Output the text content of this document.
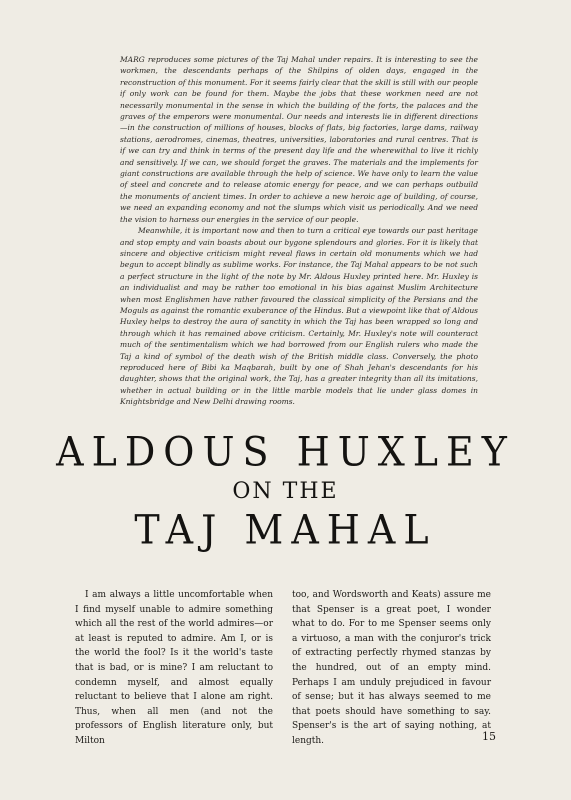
MARG reproduces some pictures of the Taj Mahal under repairs. It is interesting to see the workmen, the descendants perhaps of the Shilpins of olden days, engaged in the reconstruction of this monument. For it seems fairly clear that the skill is still with our people if only work can be found for them. Maybe the jobs that these workmen need are not necessarily monumental in the sense in which the building of the forts, the palaces and the graves of the emperors were monumental. Our needs and interests lie in different directions—in the construction of millions of houses, blocks of flats, big factories, large dams, railway stations, aerodromes, cinemas, theatres, universities, laboratories and rural centres. That is if we can try and think in terms of the present day life and the wherewithal to live it richly and sensitively. If we can, we should forget the graves. The materials and the implements for giant constructions are available through the help of science. We have only to learn the value of steel and concrete and to release atomic energy for peace, and we can perhaps outbuild the monuments of ancient times. In order to achieve a new heroic age of building, of course, we need an expanding economy and not the slumps which visit us periodically. And we need the vision to harness our energies in the service of our people.

Meanwhile, it is important now and then to turn a critical eye towards our past heritage and stop empty and vain boasts about our bygone splendours and glories. For it is likely that sincere and objective criticism might reveal flaws in certain old monuments which we had begun to accept blindly as sublime works. For instance, the Taj Mahal appears to be not such a perfect structure in the light of the note by Mr. Aldous Huxley printed here. Mr. Huxley is an individualist and may be rather too emotional in his bias against Muslim Architecture when most Englishmen have rather favoured the classical simplicity of the Persians and the Moguls as against the romantic exuberance of the Hindus. But a viewpoint like that of Aldous Huxley helps to destroy the aura of sanctity in which the Taj has been wrapped so long and through which it has remained above criticism. Certainly, Mr. Huxley's note will counteract much of the sentimentalism which we had borrowed from our English rulers who made the Taj a kind of symbol of the death wish of the British middle class. Conversely, the photo reproduced here of Bibi ka Maqbarah, built by one of Shah Jehan's descendants for his daughter, shows that the original work, the Taj, has a greater integrity than all its imitations, whether in actual building or in the little marble models that lie under glass domes in Knightsbridge and New Delhi drawing rooms.

ALDOUS HUXLEY
ON THE
TAJ MAHAL

I am always a little uncomfortable when I find myself unable to admire something which all the rest of the world admires—or at least is reputed to admire. Am I, or is the world the fool? Is it the world's taste that is bad, or is mine? I am reluctant to condemn myself, and almost equally reluctant to believe that I alone am right. Thus, when all men (and not the professors of English literature only, but Milton

too, and Wordsworth and Keats) assure me that Spenser is a great poet, I wonder what to do. For to me Spenser seems only a virtuoso, a man with the conjuror's trick of extracting perfectly rhymed stanzas by the hundred, out of an empty mind. Perhaps I am unduly prejudiced in favour of sense; but it has always seemed to me that poets should have something to say. Spenser's is the art of saying nothing, at length.	15
